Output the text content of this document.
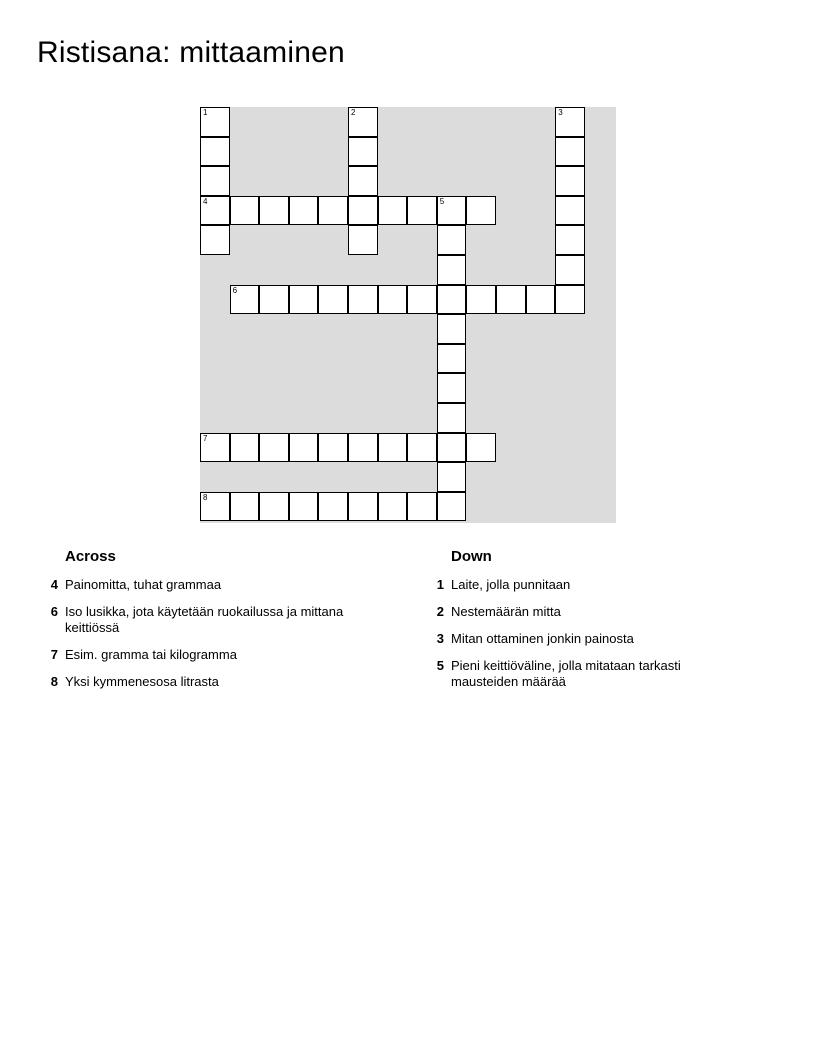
Ristisana: mittaaminen
1	2	3
4	5
6
7
8
Across
4 Painomitta, tuhat grammaa
6 Iso lusikka, jota käytetään ruokailussa ja mittana keittiössä
7 Esim. gramma tai kilogramma
8 Yksi kymmenesosa litrasta
Down
1 Laite, jolla punnitaan
2 Nestemäärän mitta
3 Mitan ottaminen jonkin painosta
5 Pieni keittiöväline, jolla mitataan tarkasti mausteiden määrää
